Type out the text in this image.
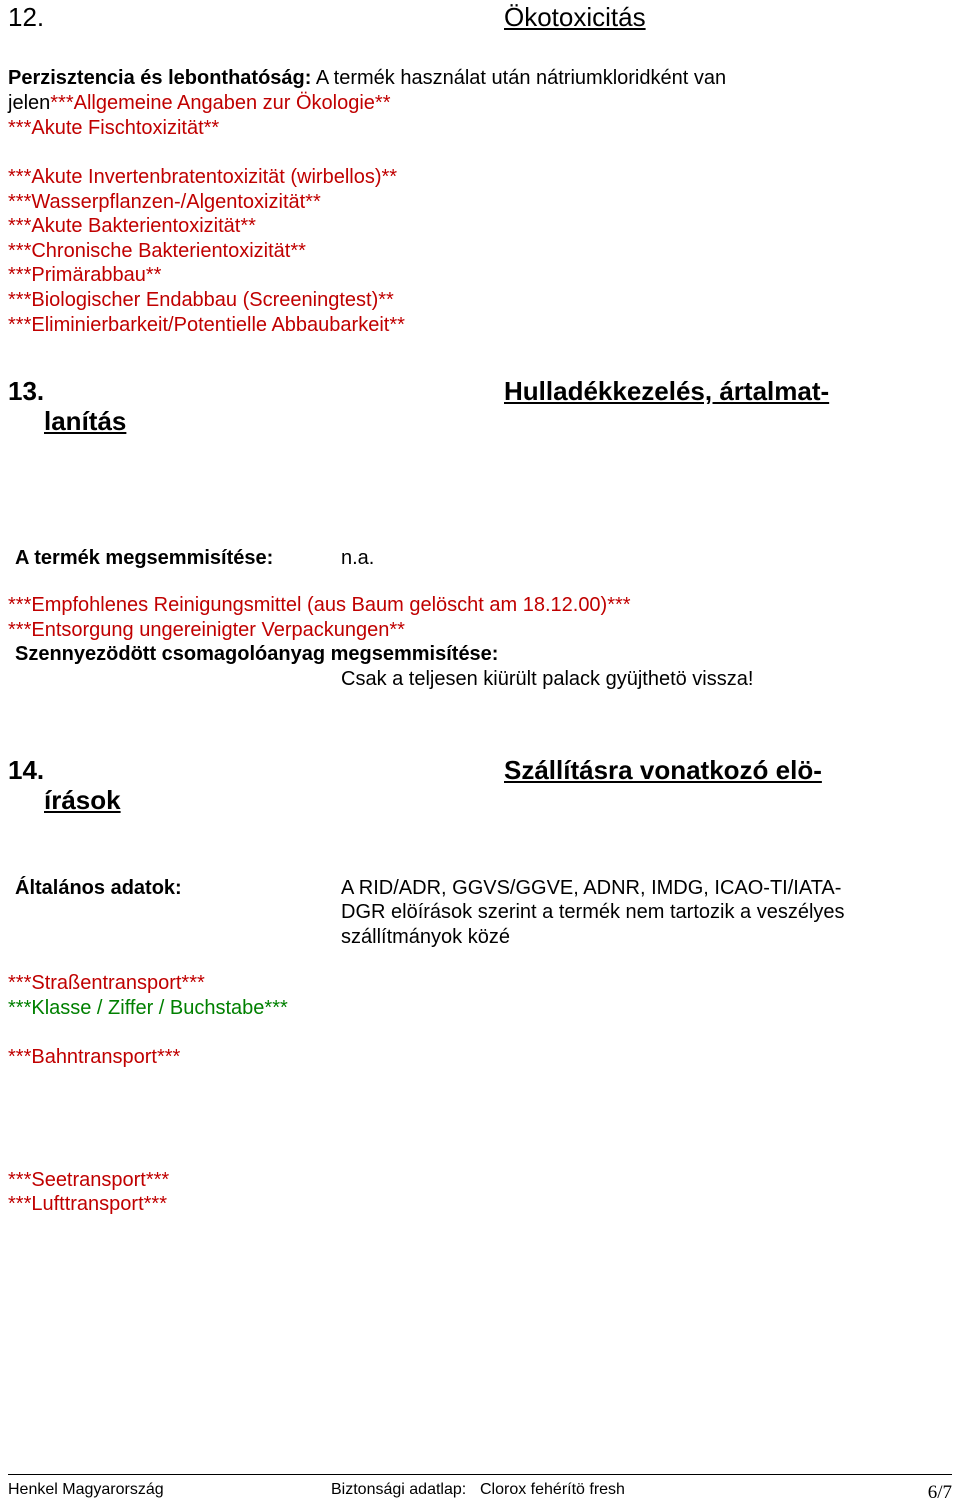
12.	Ökotoxicitás
Perzisztencia és lebonthatóság: A termék használat után nátriumkloridként van
jelen***Allgemeine Angaben zur Ökologie**
***Akute Fischtoxizität**
***Akute Invertenbratentoxizität (wirbellos)**
***Wasserpflanzen-/Algentoxizität**
***Akute Bakterientoxizität**
***Chronische Bakterientoxizität**
***Primärabbau**
***Biologischer Endabbau (Screeningtest)**
***Eliminierbarkeit/Potentielle Abbaubarkeit**
13.	Hulladékkezelés, ártalmat-
lanítás
A termék megsemmisítése:	n.a.
***Empfohlenes Reinigungsmittel (aus Baum gelöscht am 18.12.00)***
***Entsorgung ungereinigter Verpackungen**
Szennyezödött csomagolóanyag megsemmisítése:
Csak a teljesen kiürült palack gyüjthetö vissza!
14.	Szállításra vonatkozó elö-
írások
Általános adatok:	A RID/ADR, GGVS/GGVE, ADNR, IMDG, ICAO-TI/IATA-
DGR elöírások szerint a termék nem tartozik a veszélyes
szállítmányok közé
***Straßentransport***
***Klasse / Ziffer / Buchstabe***
***Bahntransport***
***Seetransport***
***Lufttransport***
Henkel Magyarország	Biztonsági adatlap: Clorox fehérítö fresh	6/7
